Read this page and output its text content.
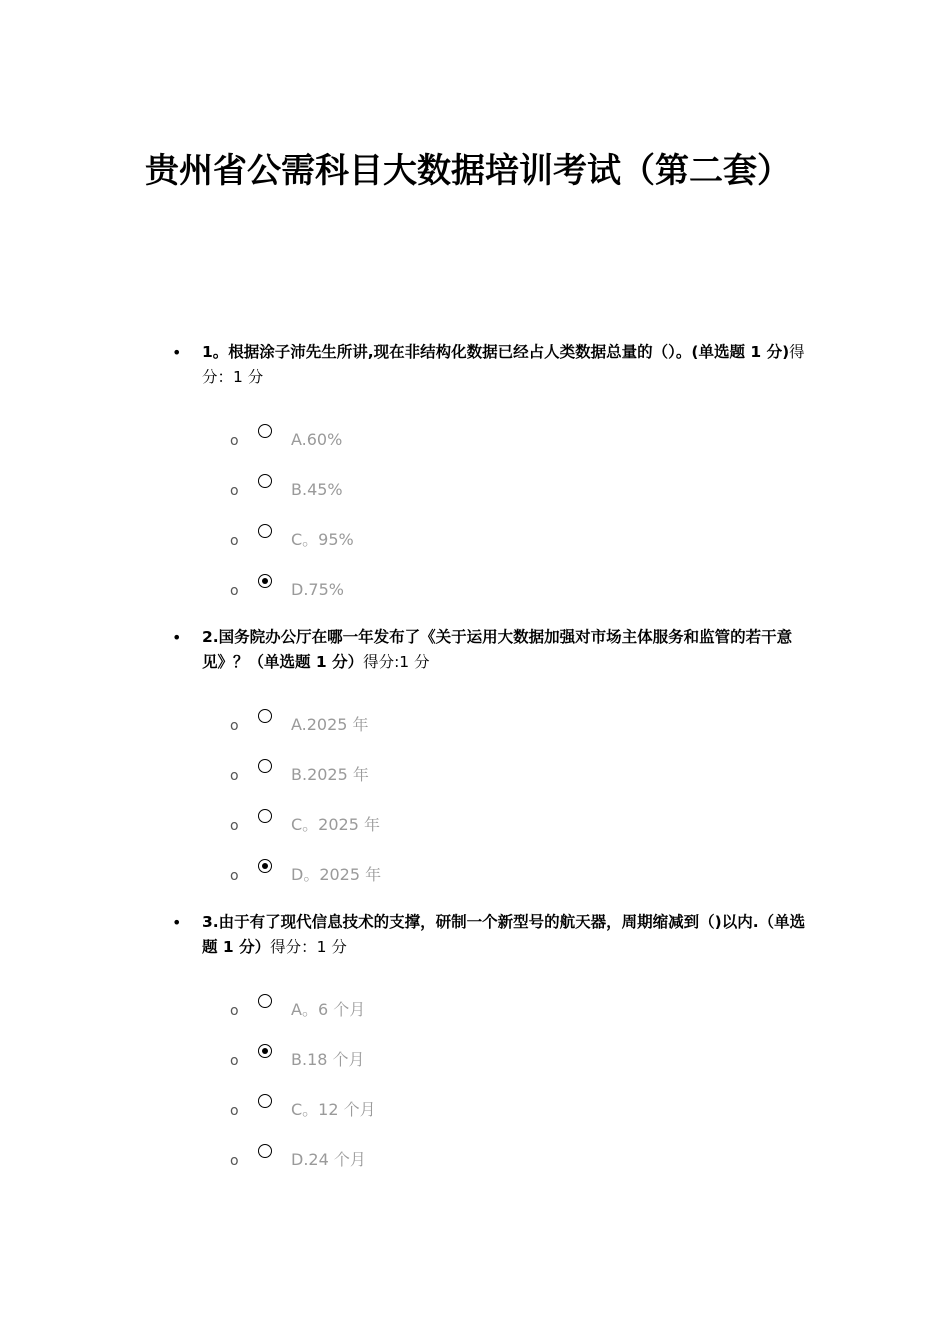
贵州省公需科目大数据培训考试（第二套）
• 1。根据涂子沛先生所讲,现在非结构化数据已经占人类数据总量的（）。(单选题 1 分)得分：1 分
o	A.60%
o	B.45%
o	C。95%
o	D.75%
• 2.国务院办公厅在哪一年发布了《关于运用大数据加强对市场主体服务和监管的若干意见》？（单选题 1 分）得分:1 分
o	A.2025 年
o	B.2025 年
o	C。2025 年
o	D。2025 年
• 3.由于有了现代信息技术的支撑，研制一个新型号的航天器，周期缩减到（)以内.（单选题 1 分）得分：1 分
o	A。6 个月
o	B.18 个月
o	C。12 个月
o	D.24 个月
